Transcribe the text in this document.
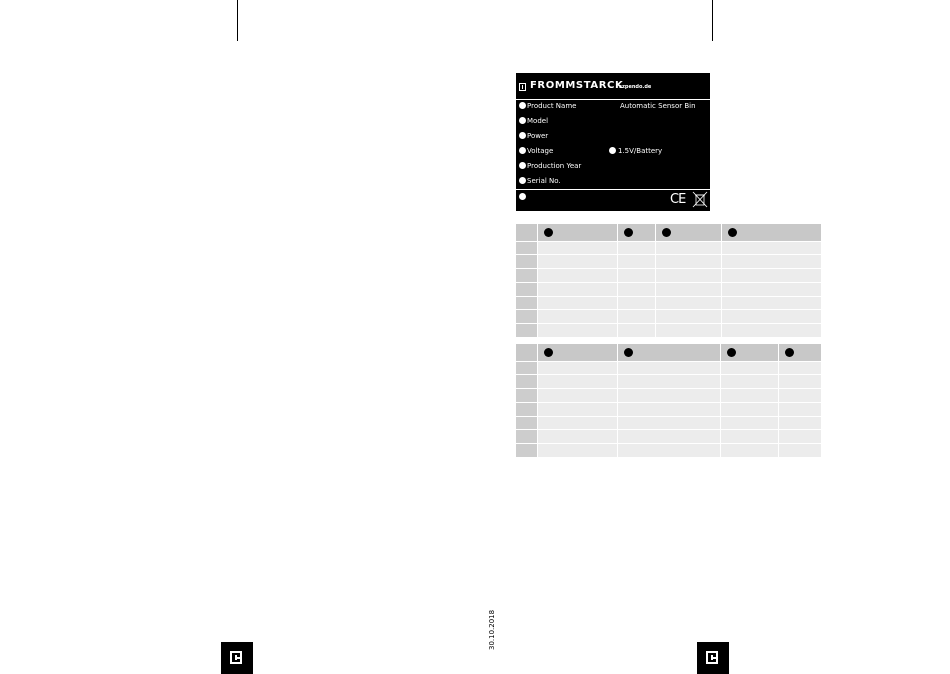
FROMMSTARCK
szpendo.de
Product Name	Automatic Sensor Bin
Model
Power
Voltage	1.5V/Battery
Production Year
Serial No.
CE

30.10.2018
